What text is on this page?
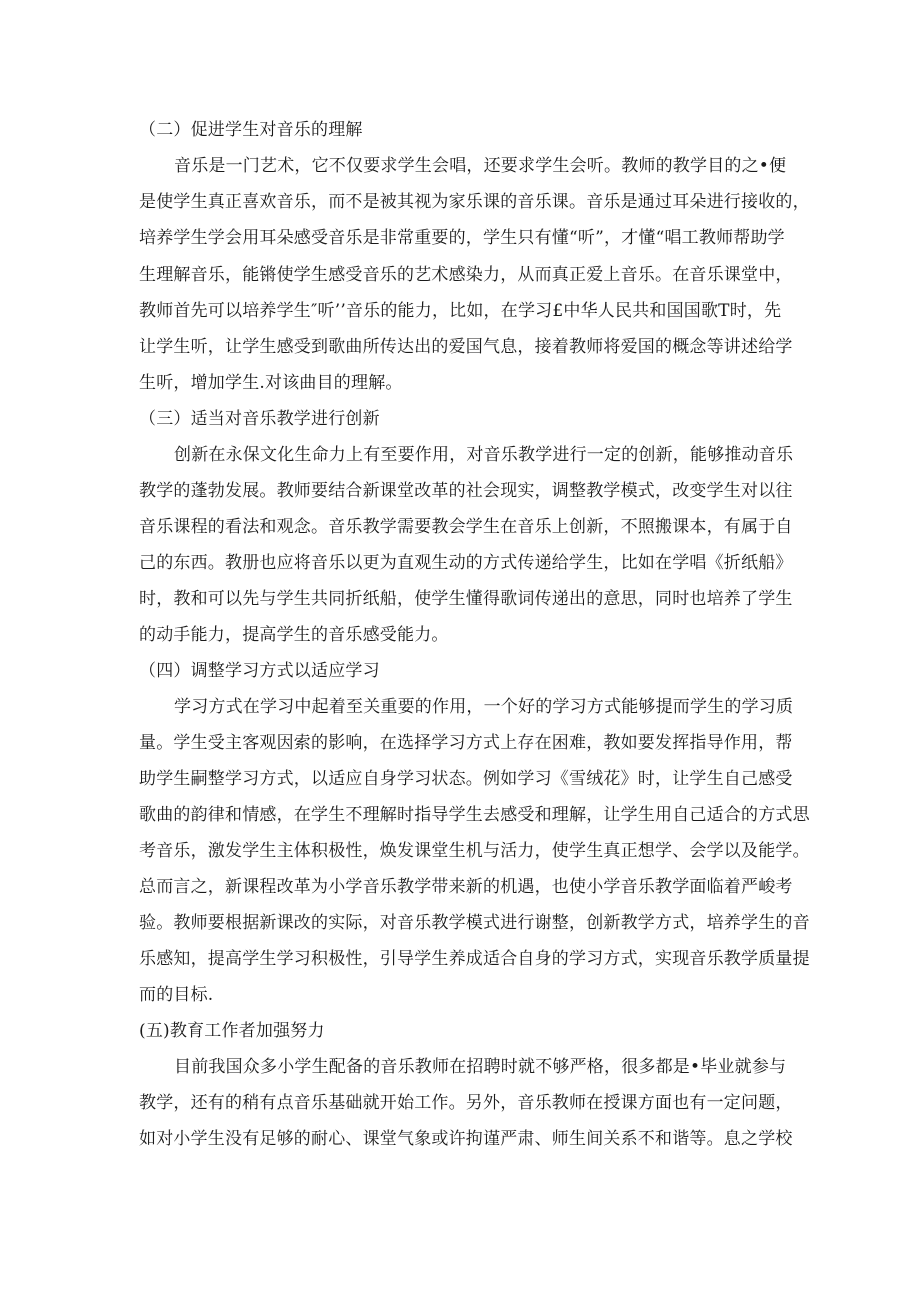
（二）促进学生对音乐的理解
音乐是一门艺术，它不仅要求学生会唱，还要求学生会听。教师的教学目的之•便
是使学生真正喜欢音乐，而不是被其视为家乐课的音乐课。音乐是通过耳朵进行接收的，
培养学生学会用耳朵感受音乐是非常重要的，学生只有懂“听”，才懂“唱工教师帮助学
生理解音乐，能锵使学生感受音乐的艺术感染力，从而真正爱上音乐。在音乐课堂中，
教师首先可以培养学生″听’’音乐的能力，比如，在学习£中华人民共和国国歌T时，先
让学生听，让学生感受到歌曲所传达出的爱国气息，接着教师将爱国的概念等讲述给学
生听，增加学生.对该曲目的理解。
（三）适当对音乐教学进行创新
创新在永保文化生命力上有至要作用，对音乐教学进行一定的创新，能够推动音乐
教学的蓬勃发展。教师要结合新课堂改革的社会现实，调整教学模式，改变学生对以往
音乐课程的看法和观念。音乐教学需要教会学生在音乐上创新，不照搬课本，有属于自
己的东西。教册也应将音乐以更为直观生动的方式传递给学生，比如在学唱《折纸船》
时，教和可以先与学生共同折纸船，使学生懂得歌词传递出的意思，同时也培养了学生
的动手能力，提高学生的音乐感受能力。
（四）调整学习方式以适应学习
学习方式在学习中起着至关重要的作用，一个好的学习方式能够提而学生的学习质
量。学生受主客观因索的影响，在选择学习方式上存在困难，教如要发挥指导作用，帮
助学生嗣整学习方式，以适应自身学习状态。例如学习《雪绒花》时，让学生自己感受
歌曲的韵律和情感，在学生不理解时指导学生去感受和理解，让学生用自己适合的方式思
考音乐，激发学生主体积极性，焕发课堂生机与活力，使学生真正想学、会学以及能学。
总而言之，新课程改革为小学音乐教学带来新的机遇，也使小学音乐教学面临着严峻考
验。教师要根据新课改的实际，对音乐教学模式进行谢整，创新教学方式，培养学生的音
乐感知，提高学生学习积极性，引导学生养成适合自身的学习方式，实现音乐教学质量提
而的目标.
(五)教育工作者加强努力
目前我国众多小学生配备的音乐教师在招聘时就不够严格，很多都是•毕业就参与
教学，还有的稍有点音乐基础就开始工作。另外，音乐教师在授课方面也有一定问题，
如对小学生没有足够的耐心、课堂气象或许拘谨严肃、师生间关系不和谐等。息之学校
